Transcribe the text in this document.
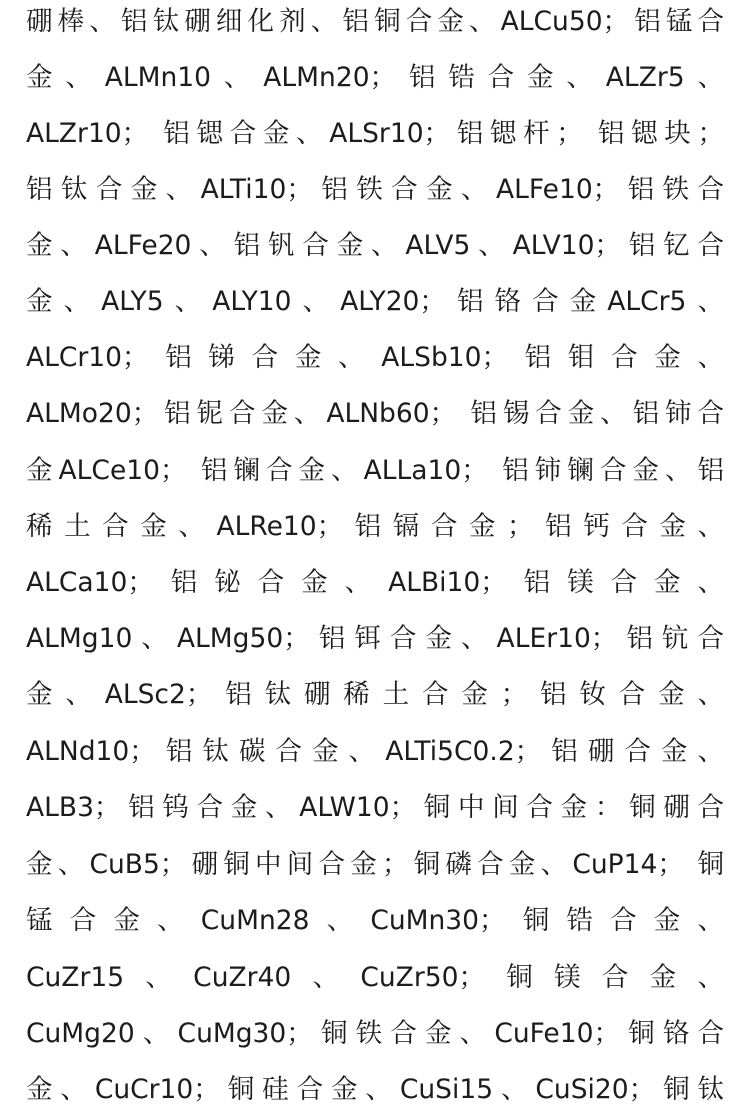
硼棒、铝钛硼细化剂、铝铜合金、ALCu50；铝锰合
金、ALMn10、ALMn20；铝锆合金、ALZr5、
ALZr10； 铝锶合金、ALSr10；铝锶杆； 铝锶块；
铝钛合金、ALTi10；铝铁合金、ALFe10；铝铁合
金、ALFe20、铝钒合金、ALV5、ALV10；铝钇合
金、ALY5、ALY10、ALY20；铝铬合金ALCr5、
ALCr10；铝锑合金、ALSb10；铝钼合金、
ALMo20；铝铌合金、ALNb60； 铝锡合金、铝铈合
金ALCe10； 铝镧合金、ALLa10； 铝铈镧合金、铝
稀土合金、ALRe10；铝镉合金；铝钙合金、
ALCa10；铝铋合金、ALBi10；铝镁合金、
ALMg10、ALMg50；铝铒合金、ALEr10；铝钪合
金、ALSc2；铝钛硼稀土合金；铝钕合金、
ALNd10；铝钛碳合金、ALTi5C0.2；铝硼合金、
ALB3；铝钨合金、ALW10；铜中间合金：铜硼合
金、CuB5；硼铜中间合金；铜磷合金、CuP14； 铜
锰合金、CuMn28、CuMn30；铜锆合金、
CuZr15、CuZr40、CuZr50；铜镁合金、
CuMg20、CuMg30；铜铁合金、CuFe10；铜铬合
金、CuCr10；铜硅合金、CuSi15、CuSi20；铜钛
